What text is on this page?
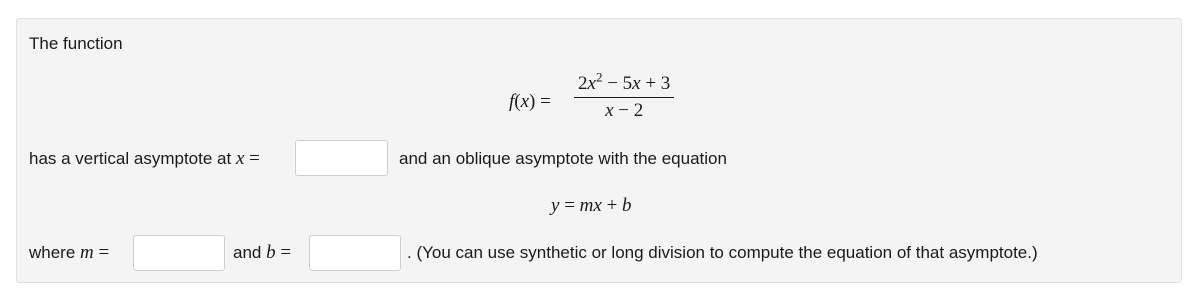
The function
$f(x) = \frac{2x^2 - 5x + 3}{x - 2}$
has a vertical asymptote at x =	and an oblique asymptote with the equation
y = mx + b
where m =	and b =	. (You can use synthetic or long division to compute the equation of that asymptote.)
